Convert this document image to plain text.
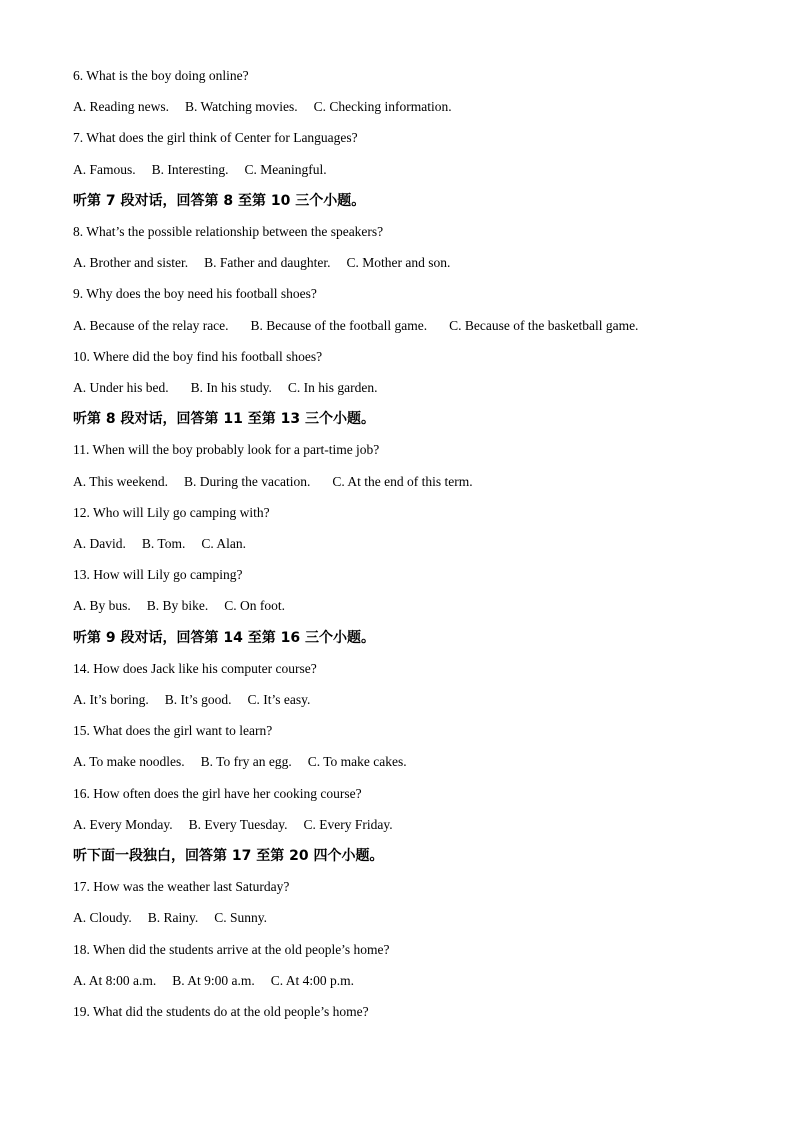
6. What is the boy doing online?
A. Reading news. B. Watching movies. C. Checking information.
7. What does the girl think of Center for Languages?
A. Famous. B. Interesting. C. Meaningful.
听第 7 段对话，回答第 8 至第 10 三个小题。
8. What’s the possible relationship between the speakers?
A. Brother and sister. B. Father and daughter. C. Mother and son.
9. Why does the boy need his football shoes?
A. Because of the relay race. B. Because of the football game. C. Because of the basketball game.
10. Where did the boy find his football shoes?
A. Under his bed. B. In his study. C. In his garden.
听第 8 段对话，回答第 11 至第 13 三个小题。
11. When will the boy probably look for a part-time job?
A. This weekend. B. During the vacation. C. At the end of this term.
12. Who will Lily go camping with?
A. David. B. Tom. C. Alan.
13. How will Lily go camping?
A. By bus. B. By bike. C. On foot.
听第 9 段对话，回答第 14 至第 16 三个小题。
14. How does Jack like his computer course?
A. It’s boring. B. It’s good. C. It’s easy.
15. What does the girl want to learn?
A. To make noodles. B. To fry an egg. C. To make cakes.
16. How often does the girl have her cooking course?
A. Every Monday. B. Every Tuesday. C. Every Friday.
听下面一段独白，回答第 17 至第 20 四个小题。
17. How was the weather last Saturday?
A. Cloudy. B. Rainy. C. Sunny.
18. When did the students arrive at the old people’s home?
A. At 8:00 a.m. B. At 9:00 a.m. C. At 4:00 p.m.
19. What did the students do at the old people’s home?
